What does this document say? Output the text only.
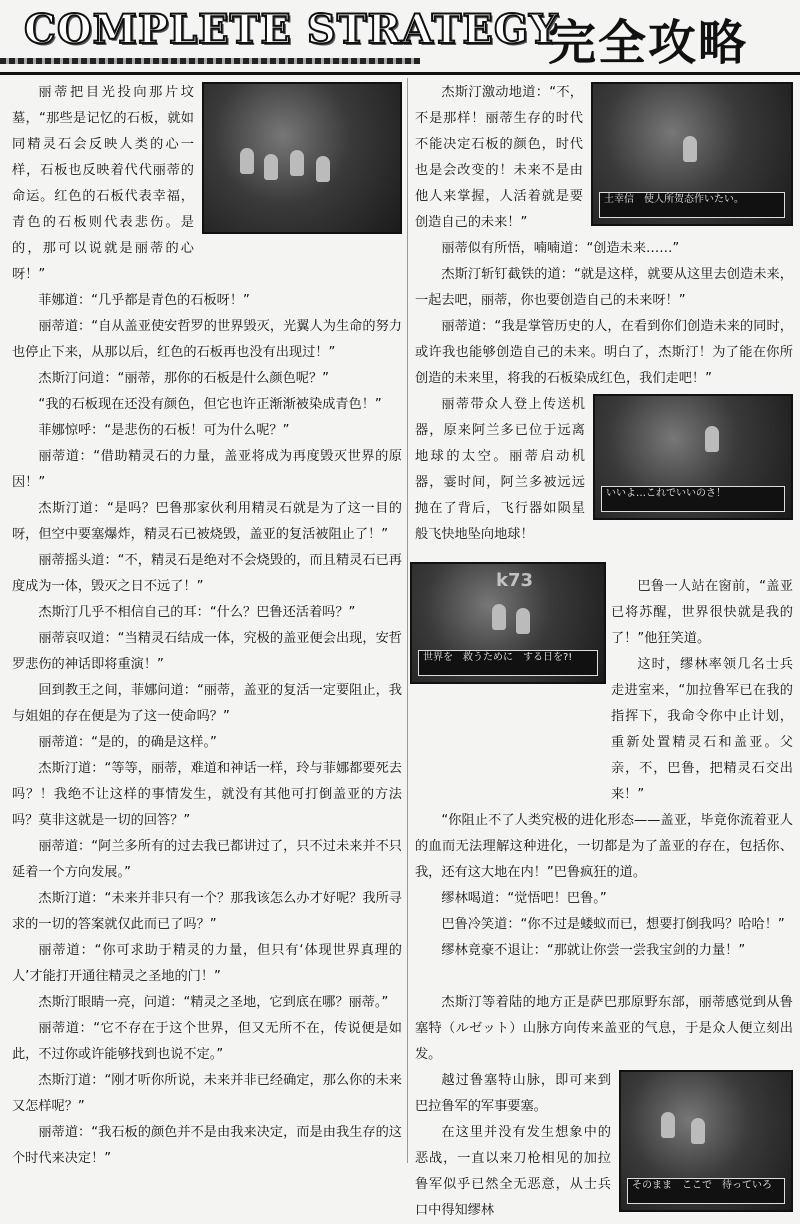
COMPLETE STRATEGY
完全攻略

丽蒂把目光投向那片坟墓，“那些是记忆的石板，就如同精灵石会反映人类的心一样，石板也反映着代代丽蒂的命运。红色的石板代表幸福，青色的石板则代表悲伤。是的，那可以说就是丽蒂的心呀！”

菲娜道：“几乎都是青色的石板呀！”

丽蒂道：“自从盖亚使安哲罗的世界毁灭，光翼人为生命的努力也停止下来，从那以后，红色的石板再也没有出现过！”

杰斯汀问道：“丽蒂，那你的石板是什么颜色呢？”

“我的石板现在还没有颜色，但它也许正渐渐被染成青色！”

菲娜惊呼：“是悲伤的石板！可为什么呢？”

丽蒂道：“借助精灵石的力量，盖亚将成为再度毁灭世界的原因！”

杰斯汀道：“是吗？巴鲁那家伙利用精灵石就是为了这一目的呀，但空中要塞爆炸，精灵石已被烧毁，盖亚的复活被阻止了！”

丽蒂摇头道：“不，精灵石是绝对不会烧毁的，而且精灵石已再度成为一体，毁灭之日不远了！”

杰斯汀几乎不相信自己的耳：“什么？巴鲁还活着吗？”

丽蒂哀叹道：“当精灵石结成一体，究极的盖亚便会出现，安哲罗悲伤的神话即将重演！”

回到教王之间，菲娜问道：“丽蒂，盖亚的复活一定要阻止，我与姐姐的存在便是为了这一使命吗？”

丽蒂道：“是的，的确是这样。”

杰斯汀道：“等等，丽蒂，难道和神话一样，玲与菲娜都要死去吗？！我绝不让这样的事情发生，就没有其他可打倒盖亚的方法吗？莫非这就是一切的回答？”

丽蒂道：“阿兰多所有的过去我已都讲过了，只不过未来并不只延着一个方向发展。”

杰斯汀道：“未来并非只有一个？那我该怎么办才好呢？我所寻求的一切的答案就仅此而已了吗？”

丽蒂道：“你可求助于精灵的力量，但只有‘体现世界真理的人’才能打开通往精灵之圣地的门！”

杰斯汀眼睛一亮，问道：“精灵之圣地，它到底在哪？丽蒂。”

丽蒂道：“它不存在于这个世界，但又无所不在，传说便是如此，不过你或许能够找到也说不定。”

杰斯汀道：“刚才听你所说，未来并非已经确定，那么你的未来又怎样呢？”

丽蒂道：“我石板的颜色并不是由我来决定，而是由我生存的这个时代来决定！”

土幸信　使人所贺态作いたい。

杰斯汀激动地道：“不，不是那样！丽蒂生存的时代不能决定石板的颜色，时代也是会改变的！未来不是由他人来掌握，人活着就是要创造自己的未来！”

丽蒂似有所悟，喃喃道：“创造未来……”

杰斯汀斩钉截铁的道：“就是这样，就要从这里去创造未来，一起去吧，丽蒂，你也要创造自己的未来呀！”

丽蒂道：“我是掌管历史的人，在看到你们创造未来的同时，或许我也能够创造自己的未来。明白了，杰斯汀！为了能在你所创造的未来里，将我的石板染成红色，我们走吧！”

いいよ…これでいいのさ！

丽蒂带众人登上传送机器，原来阿兰多已位于远离地球的太空。丽蒂启动机器，霎时间，阿兰多被远远抛在了背后，飞行器如陨星般飞快地坠向地球！

巴鲁一人站在窗前，“盖亚已将苏醒，世界很快就是我的了！”他狂笑道。

这时，缪林率领几名士兵走进室来，“加拉鲁军已在我的指挥下，我命令你中止计划，重新处置精灵石和盖亚。父亲，不，巴鲁，把精灵石交出来！”

“你阻止不了人类究极的进化形态——盖亚，毕竟你流着亚人的血而无法理解这种进化，一切都是为了盖亚的存在，包括你、我，还有这大地在内！”巴鲁疯狂的道。

缪林喝道：“觉悟吧！巴鲁。”

巴鲁冷笑道：“你不过是蝼蚁而已，想要打倒我吗？哈哈！”

缪林竟豪不退让：“那就让你尝一尝我宝剑的力量！”

杰斯汀等着陆的地方正是萨巴那原野东部，丽蒂感觉到从鲁塞特（ルゼット）山脉方向传来盖亚的气息，于是众人便立刻出发。

そのまま　ここで　待っていろ

越过鲁塞特山脉，即可来到巴拉鲁军的军事要塞。

在这里并没有发生想象中的恶战，一直以来刀枪相见的加拉鲁军似乎已然全无恶意，从士兵口中得知缪林

世界を　救うために　する日を?!
k73
